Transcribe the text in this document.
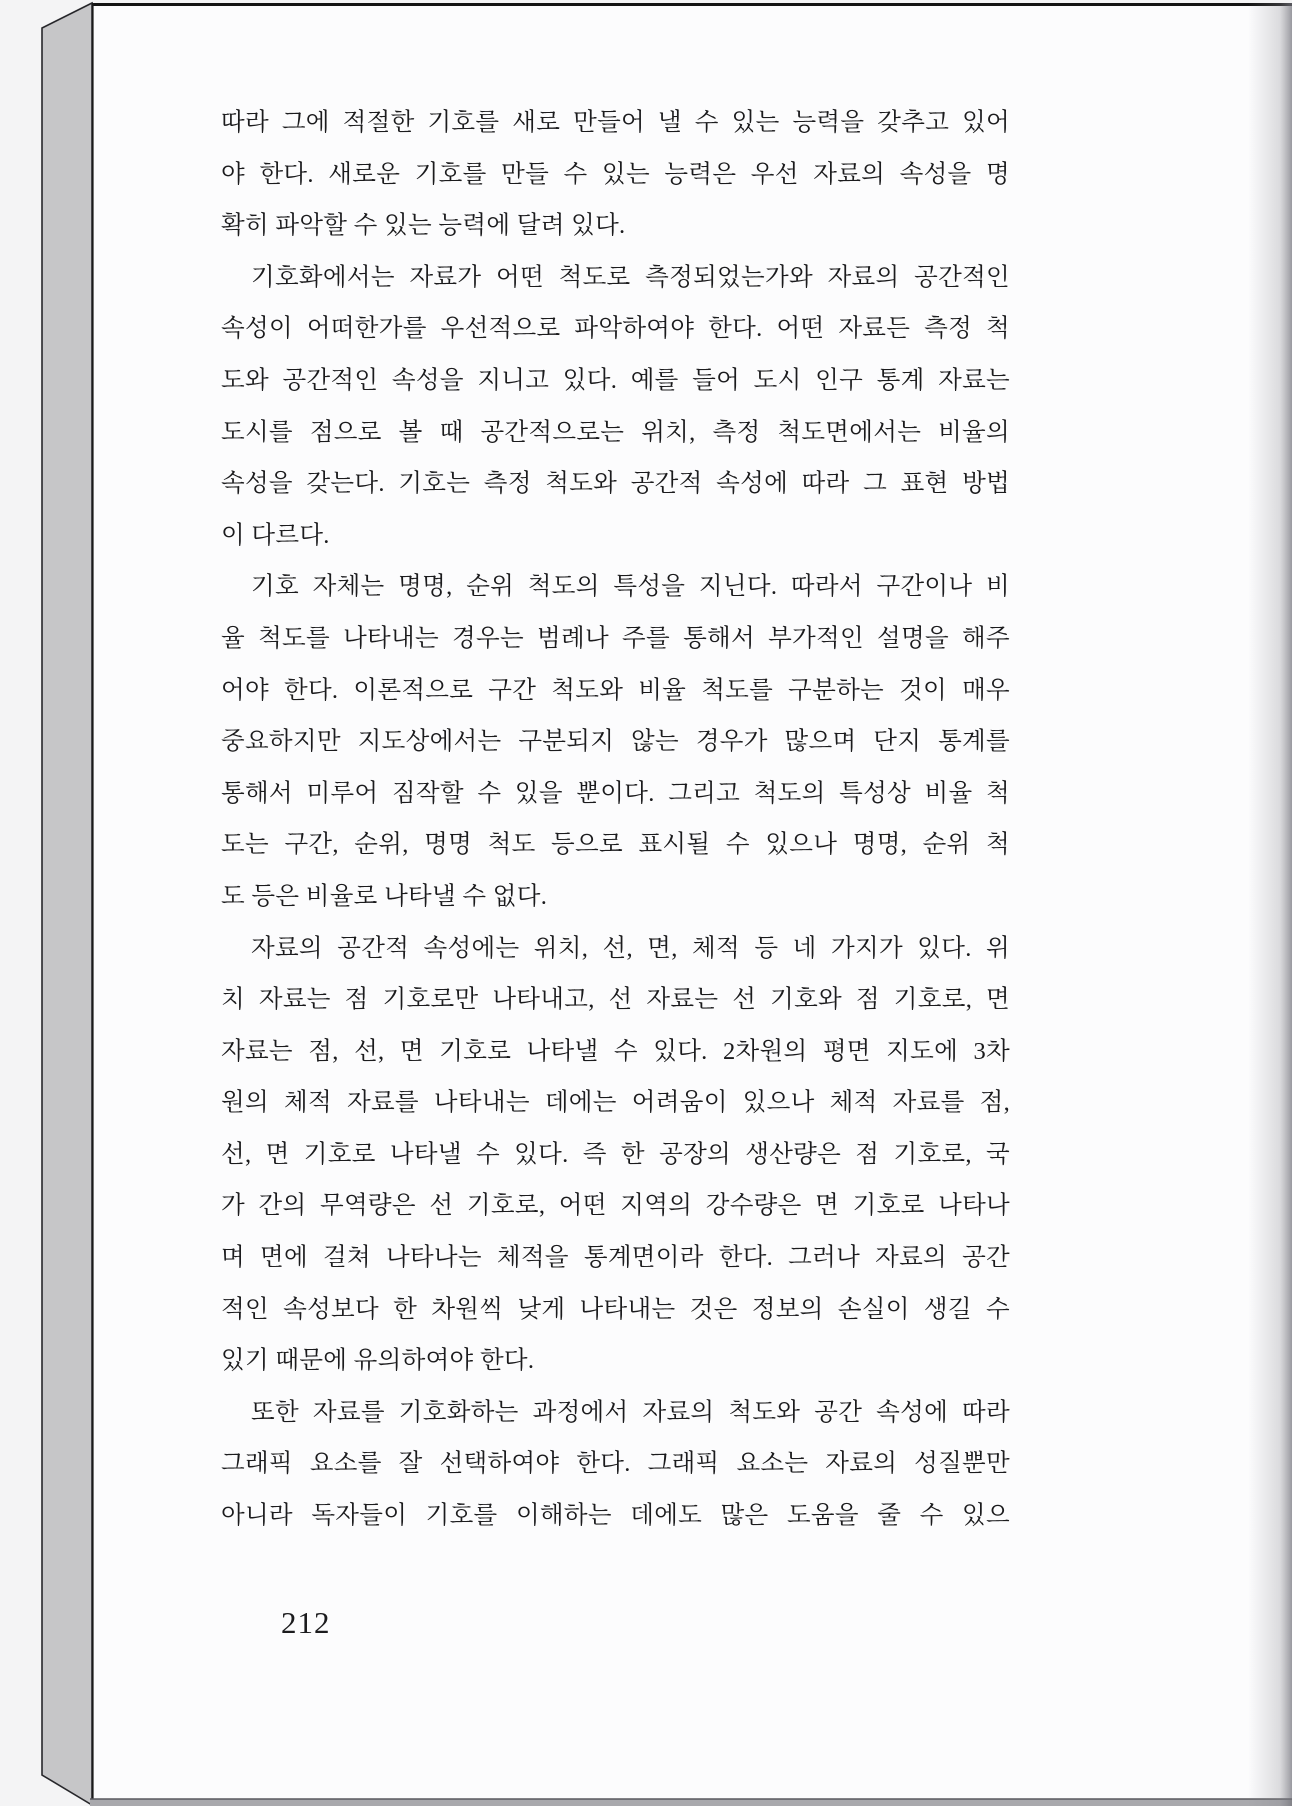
따라 그에 적절한 기호를 새로 만들어 낼 수 있는 능력을 갖추고 있어
야 한다. 새로운 기호를 만들 수 있는 능력은 우선 자료의 속성을 명
확히 파악할 수 있는 능력에 달려 있다.
기호화에서는 자료가 어떤 척도로 측정되었는가와 자료의 공간적인
속성이 어떠한가를 우선적으로 파악하여야 한다. 어떤 자료든 측정 척
도와 공간적인 속성을 지니고 있다. 예를 들어 도시 인구 통계 자료는
도시를 점으로 볼 때 공간적으로는 위치, 측정 척도면에서는 비율의
속성을 갖는다. 기호는 측정 척도와 공간적 속성에 따라 그 표현 방법
이 다르다.
기호 자체는 명명, 순위 척도의 특성을 지닌다. 따라서 구간이나 비
율 척도를 나타내는 경우는 범례나 주를 통해서 부가적인 설명을 해주
어야 한다. 이론적으로 구간 척도와 비율 척도를 구분하는 것이 매우
중요하지만 지도상에서는 구분되지 않는 경우가 많으며 단지 통계를
통해서 미루어 짐작할 수 있을 뿐이다. 그리고 척도의 특성상 비율 척
도는 구간, 순위, 명명 척도 등으로 표시될 수 있으나 명명, 순위 척
도 등은 비율로 나타낼 수 없다.
자료의 공간적 속성에는 위치, 선, 면, 체적 등 네 가지가 있다. 위
치 자료는 점 기호로만 나타내고, 선 자료는 선 기호와 점 기호로, 면
자료는 점, 선, 면 기호로 나타낼 수 있다. 2차원의 평면 지도에 3차
원의 체적 자료를 나타내는 데에는 어려움이 있으나 체적 자료를 점,
선, 면 기호로 나타낼 수 있다. 즉 한 공장의 생산량은 점 기호로, 국
가 간의 무역량은 선 기호로, 어떤 지역의 강수량은 면 기호로 나타나
며 면에 걸쳐 나타나는 체적을 통계면이라 한다. 그러나 자료의 공간
적인 속성보다 한 차원씩 낮게 나타내는 것은 정보의 손실이 생길 수
있기 때문에 유의하여야 한다.
또한 자료를 기호화하는 과정에서 자료의 척도와 공간 속성에 따라
그래픽 요소를 잘 선택하여야 한다. 그래픽 요소는 자료의 성질뿐만
아니라 독자들이 기호를 이해하는 데에도 많은 도움을 줄 수 있으
212
